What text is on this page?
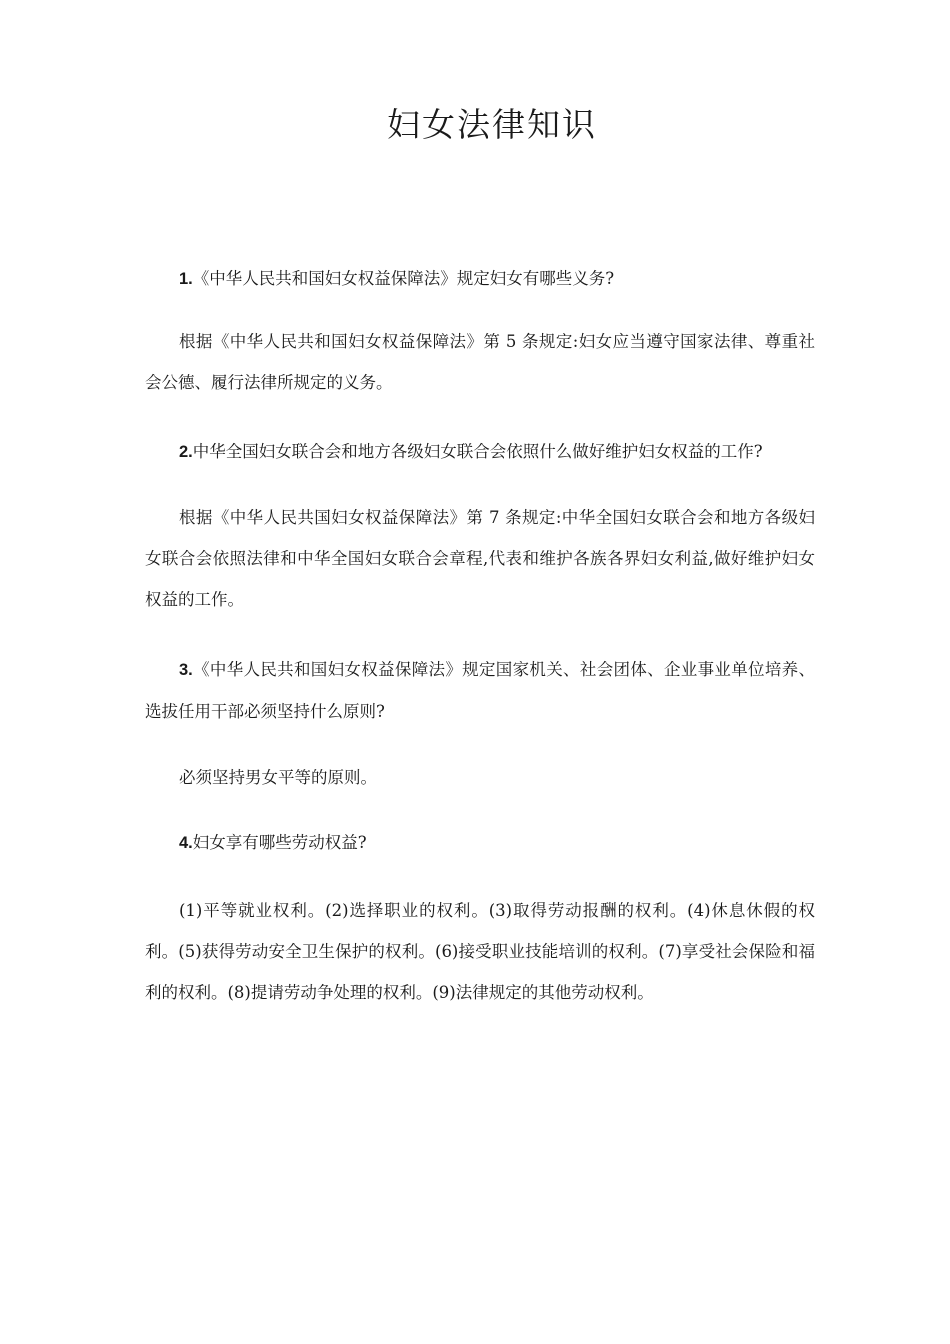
妇女法律知识

1.《中华人民共和国妇女权益保障法》规定妇女有哪些义务?

根据《中华人民共和国妇女权益保障法》第 5 条规定:妇女应当遵守国家法律、尊重社会公德、履行法律所规定的义务。

2.中华全国妇女联合会和地方各级妇女联合会依照什么做好维护妇女权益的工作?

根据《中华人民共国妇女权益保障法》第 7 条规定:中华全国妇女联合会和地方各级妇女联合会依照法律和中华全国妇女联合会章程,代表和维护各族各界妇女利益,做好维护妇女权益的工作。

3.《中华人民共和国妇女权益保障法》规定国家机关、社会团体、企业事业单位培养、选拔任用干部必须坚持什么原则?

必须坚持男女平等的原则。

4.妇女享有哪些劳动权益?

(1)平等就业权利。(2)选择职业的权利。(3)取得劳动报酬的权利。(4)休息休假的权利。(5)获得劳动安全卫生保护的权利。(6)接受职业技能培训的权利。(7)享受社会保险和福利的权利。(8)提请劳动争处理的权利。(9)法律规定的其他劳动权利。
